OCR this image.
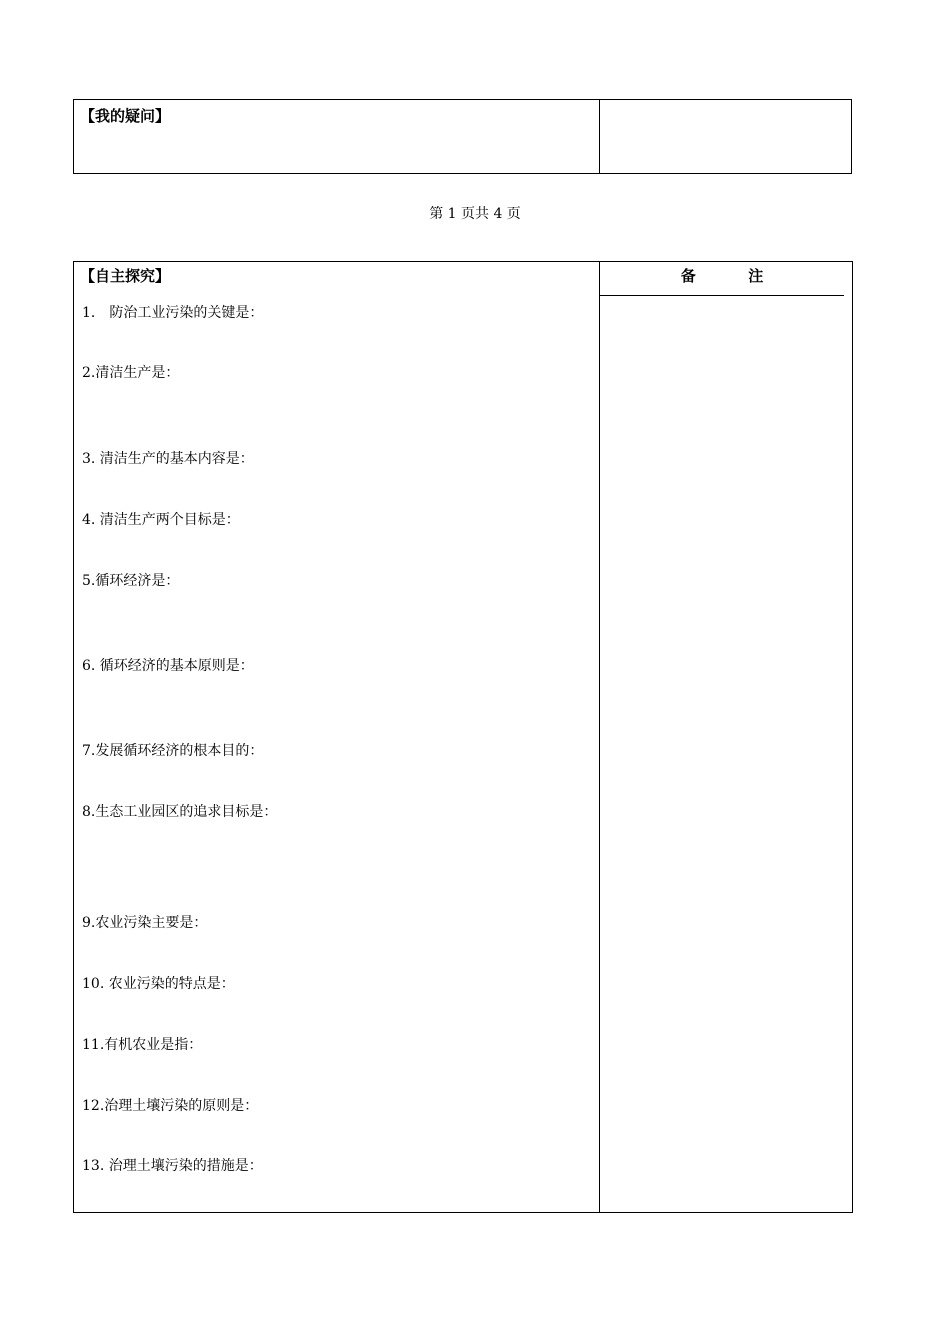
【我的疑问】
第 1 页共 4 页
【自主探究】	备	注
1． 防治工业污染的关键是：
2.清洁生产是：
3. 清洁生产的基本内容是：
4. 清洁生产两个目标是：
5.循环经济是：
6. 循环经济的基本原则是：
7.发展循环经济的根本目的：
8.生态工业园区的追求目标是：
9.农业污染主要是：
10. 农业污染的特点是：
11.有机农业是指：
12.治理土壤污染的原则是：
13. 治理土壤污染的措施是：
